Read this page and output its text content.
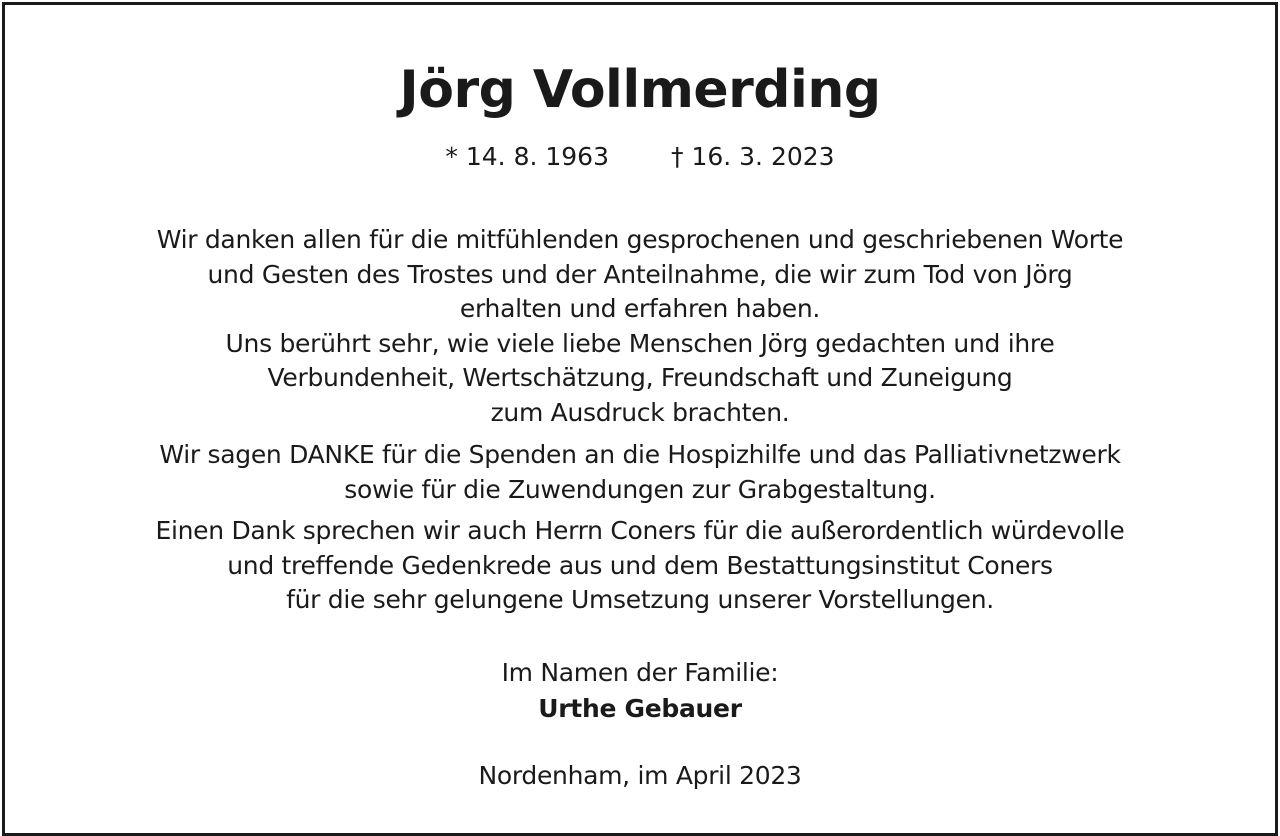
Jörg Vollmerding
* 14. 8. 1963 † 16. 3. 2023
Wir danken allen für die mitfühlenden gesprochenen und geschriebenen Worte
und Gesten des Trostes und der Anteilnahme, die wir zum Tod von Jörg
erhalten und erfahren haben.
Uns berührt sehr, wie viele liebe Menschen Jörg gedachten und ihre
Verbundenheit, Wertschätzung, Freundschaft und Zuneigung
zum Ausdruck brachten.
Wir sagen DANKE für die Spenden an die Hospizhilfe und das Palliativnetzwerk
sowie für die Zuwendungen zur Grabgestaltung.
Einen Dank sprechen wir auch Herrn Coners für die außerordentlich würdevolle
und treffende Gedenkrede aus und dem Bestattungsinstitut Coners
für die sehr gelungene Umsetzung unserer Vorstellungen.
Im Namen der Familie:
Urthe Gebauer
Nordenham, im April 2023
